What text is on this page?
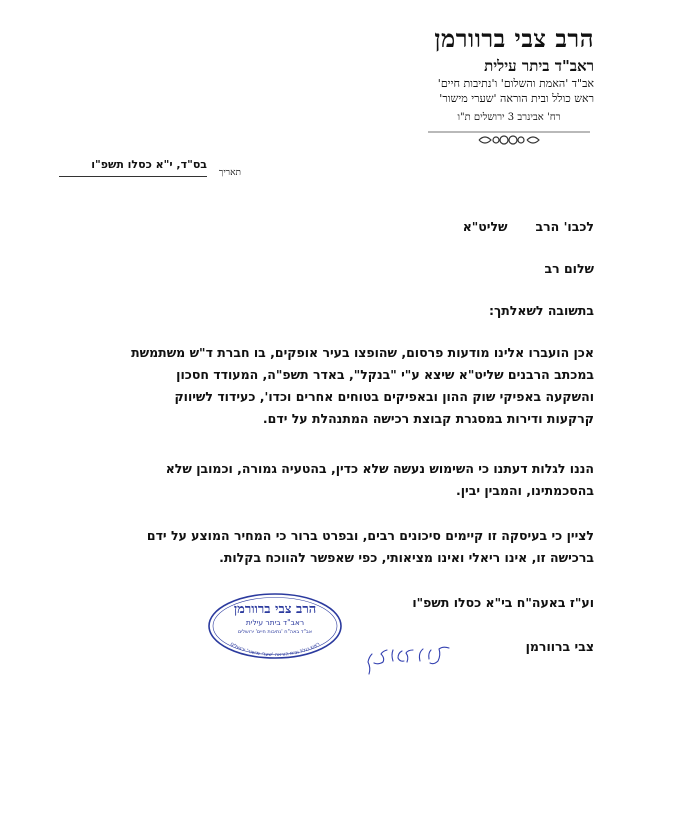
הרב צבי ברוורמן
ראב"ד ביתר עילית
אב"ד 'האמת והשלום' ו'נתיבות חיים'
ראש כולל ובית הוראה 'שערי מישור'
רח' אבינרב 3 ירושלים ת"ו
תאריך
בס"ד, י"א כסלו תשפ"ו

לכבו' הרבשליט"א

שלום רב

בתשובה לשאלתך:

אכן הועברו אלינו מודעות פרסום, שהופצו בעיר אופקים, בו חברת ד"ש משתמשת

במכתב הרבנים שליט"א שיצא ע"י "בנקל", באדר תשפ"ה, המעודד חסכון

והשקעה באפיקי שוק ההון ובאפיקים בטוחים אחרים וכדו', כעידוד לשיווק

קרקעות ודירות במסגרת קבוצת רכישה המתנהלת על ידם.

הננו לגלות דעתנו כי השימוש נעשה שלא כדין, בהטעיה גמורה, וכמובן שלא

בהסכמתינו, והמבין יבין.

לציין כי בעיסקה זו קיימים סיכונים רבים, ובפרט ברור כי המחיר המוצע על ידם

ברכישה זו, אינו ריאלי ואינו מציאותי, כפי שאפשר להווכח בקלות.

וע"ז באעה"ח בי"א כסלו תשפ"ו

צבי ברוורמן

הרב צבי ברוורמן
ראב"ד ביתר עילית
אב"ד באה"ח 'נתיבות חיים' ירושלים
ראש כולל ובית הוראה 'שערי מישור' ירושלים
